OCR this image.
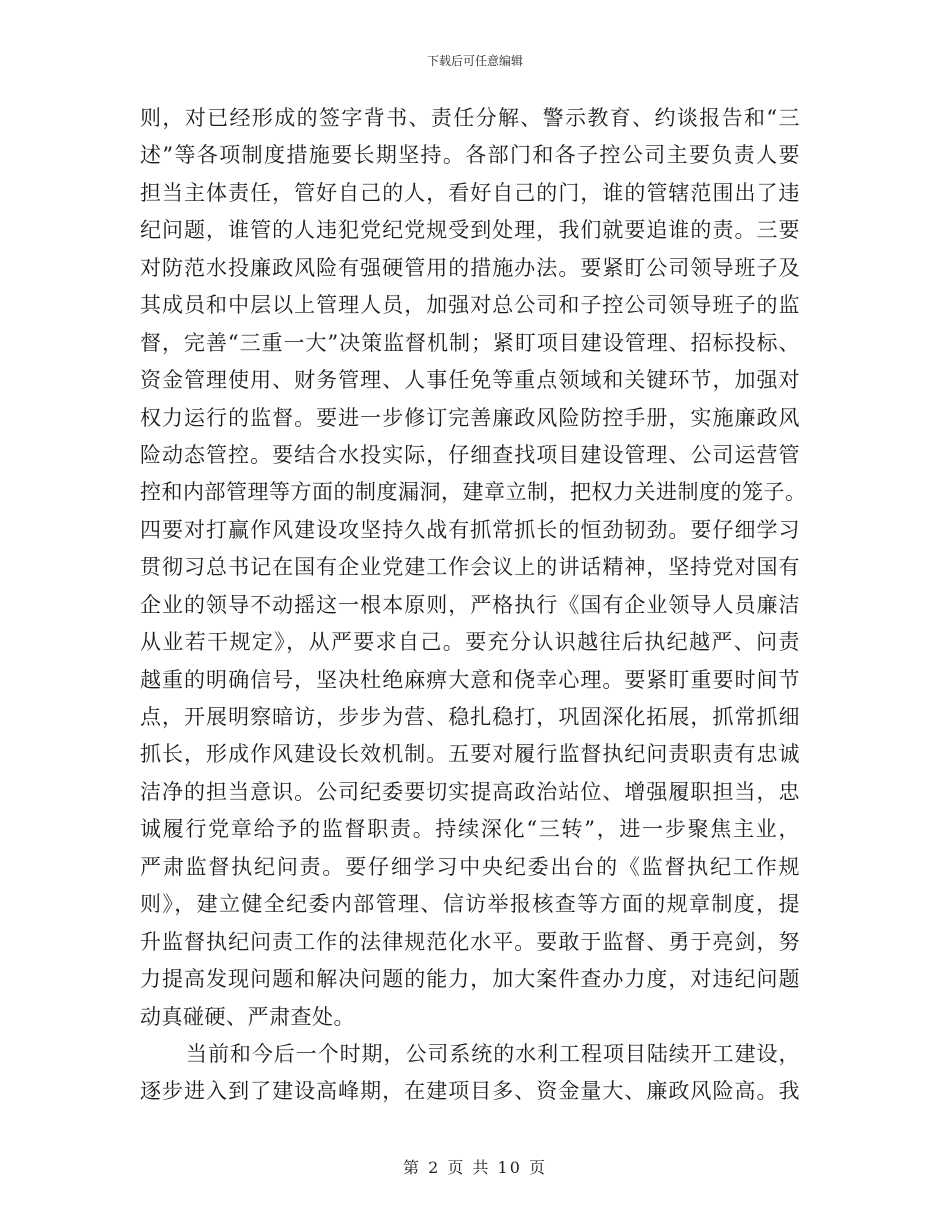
下载后可任意编辑
则，对已经形成的签字背书、责任分解、警示教育、约谈报告和“三
述”等各项制度措施要长期坚持。各部门和各子控公司主要负责人要
担当主体责任，管好自己的人，看好自己的门，谁的管辖范围出了违
纪问题，谁管的人违犯党纪党规受到处理，我们就要追谁的责。三要
对防范水投廉政风险有强硬管用的措施办法。要紧盯公司领导班子及
其成员和中层以上管理人员，加强对总公司和子控公司领导班子的监
督，完善“三重一大”决策监督机制；紧盯项目建设管理、招标投标、
资金管理使用、财务管理、人事任免等重点领域和关键环节，加强对
权力运行的监督。要进一步修订完善廉政风险防控手册，实施廉政风
险动态管控。要结合水投实际，仔细查找项目建设管理、公司运营管
控和内部管理等方面的制度漏洞，建章立制，把权力关进制度的笼子。
四要对打赢作风建设攻坚持久战有抓常抓长的恒劲韧劲。要仔细学习
贯彻习总书记在国有企业党建工作会议上的讲话精神，坚持党对国有
企业的领导不动摇这一根本原则，严格执行《国有企业领导人员廉洁
从业若干规定》，从严要求自己。要充分认识越往后执纪越严、问责
越重的明确信号，坚决杜绝麻痹大意和侥幸心理。要紧盯重要时间节
点，开展明察暗访，步步为营、稳扎稳打，巩固深化拓展，抓常抓细
抓长，形成作风建设长效机制。五要对履行监督执纪问责职责有忠诚
洁净的担当意识。公司纪委要切实提高政治站位、增强履职担当，忠
诚履行党章给予的监督职责。持续深化“三转”，进一步聚焦主业，
严肃监督执纪问责。要仔细学习中央纪委出台的《监督执纪工作规
则》，建立健全纪委内部管理、信访举报核查等方面的规章制度，提
升监督执纪问责工作的法律规范化水平。要敢于监督、勇于亮剑，努
力提高发现问题和解决问题的能力，加大案件查办力度，对违纪问题
动真碰硬、严肃查处。
当前和今后一个时期，公司系统的水利工程项目陆续开工建设，
逐步进入到了建设高峰期，在建项目多、资金量大、廉政风险高。我
第 2 页 共 10 页
